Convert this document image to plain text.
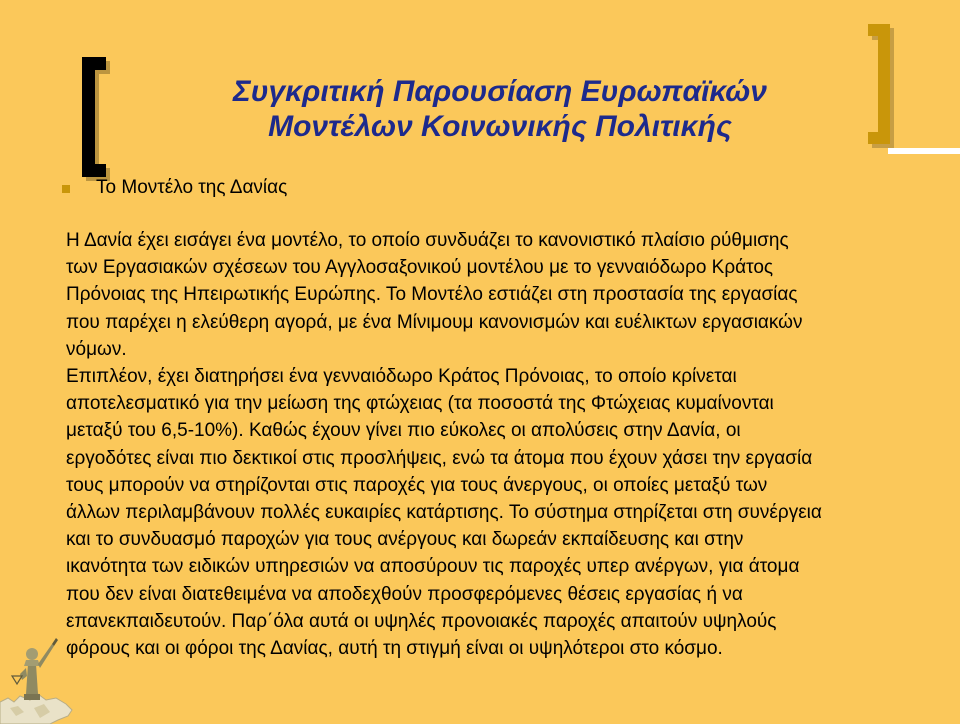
Συγκριτική Παρουσίαση Ευρωπαϊκών
Μοντέλων Κοινωνικής Πολιτικής
Το Μοντέλο της Δανίας

Η Δανία έχει εισάγει ένα μοντέλο, το οποίο συνδυάζει το κανονιστικό πλαίσιο ρύθμισης
των Εργασιακών σχέσεων του Αγγλοσαξονικού μοντέλου με το γενναιόδωρο Κράτος
Πρόνοιας της Ηπειρωτικής Ευρώπης. Το Μοντέλο εστιάζει στη προστασία της εργασίας
που παρέχει η ελεύθερη αγορά, με ένα Μίνιμουμ κανονισμών και ευέλικτων εργασιακών
νόμων.

Επιπλέον, έχει διατηρήσει ένα γενναιόδωρο Κράτος Πρόνοιας, το οποίο κρίνεται
αποτελεσματικό για την μείωση της φτώχειας (τα ποσοστά της Φτώχειας κυμαίνονται
μεταξύ του 6,5-10%). Καθώς έχουν γίνει πιο εύκολες οι απολύσεις στην Δανία, οι
εργοδότες είναι πιο δεκτικοί στις προσλήψεις, ενώ τα άτομα που έχουν χάσει την εργασία
τους μπορούν να στηρίζονται στις παροχές για τους άνεργους, οι οποίες μεταξύ των
άλλων περιλαμβάνουν πολλές ευκαιρίες κατάρτισης. Το σύστημα στηρίζεται στη συνέργεια
και το συνδυασμό παροχών για τους ανέργους και δωρεάν εκπαίδευσης και στην
ικανότητα των ειδικών υπηρεσιών να αποσύρουν τις παροχές υπερ ανέργων, για άτομα
που δεν είναι διατεθειμένα να αποδεχθούν προσφερόμενες θέσεις εργασίας ή να
επανεκπαιδευτούν. Παρ΄όλα αυτά οι υψηλές προνοιακές παροχές απαιτούν υψηλούς
φόρους και οι φόροι της Δανίας, αυτή τη στιγμή είναι οι υψηλότεροι στο κόσμο.
